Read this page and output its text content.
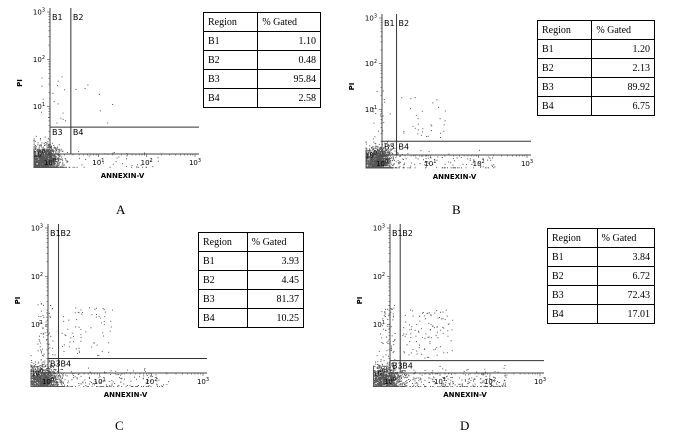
$10^0$	$10^1$	$10^2$	$10^3$
$10^0$
$10^1$
$10^2$
$10^3$
B1 B2
B3 B4
ANNEXIN-V
PI
Region	% Gated
B1	1.10
B2	0.48
B3	95.84
B4	2.58
A
$10^0$	$10^1$	$10^2$	$10^3$
$10^0$
$10^1$
$10^2$
$10^3$
B1 B2
B3 B4
ANNEXIN-V
PI
Region	% Gated
B1	1.20
B2	2.13
B3	89.92
B4	6.75
B
$10^0$	$10^1$	$10^2$	$10^3$
$10^0$
$10^1$
$10^2$
$10^3$
B1 B2
B3 B4
ANNEXIN-V
PI
Region	% Gated
B1	3.93
B2	4.45
B3	81.37
B4	10.25
C
$10^0$	$10^1$	$10^2$	$10^3$
$10^0$
$10^1$
$10^2$
$10^3$
B1 B2
B3 B4
ANNEXIN-V
PI
Region	% Gated
B1	3.84
B2	6.72
B3	72.43
B4	17.01
D
